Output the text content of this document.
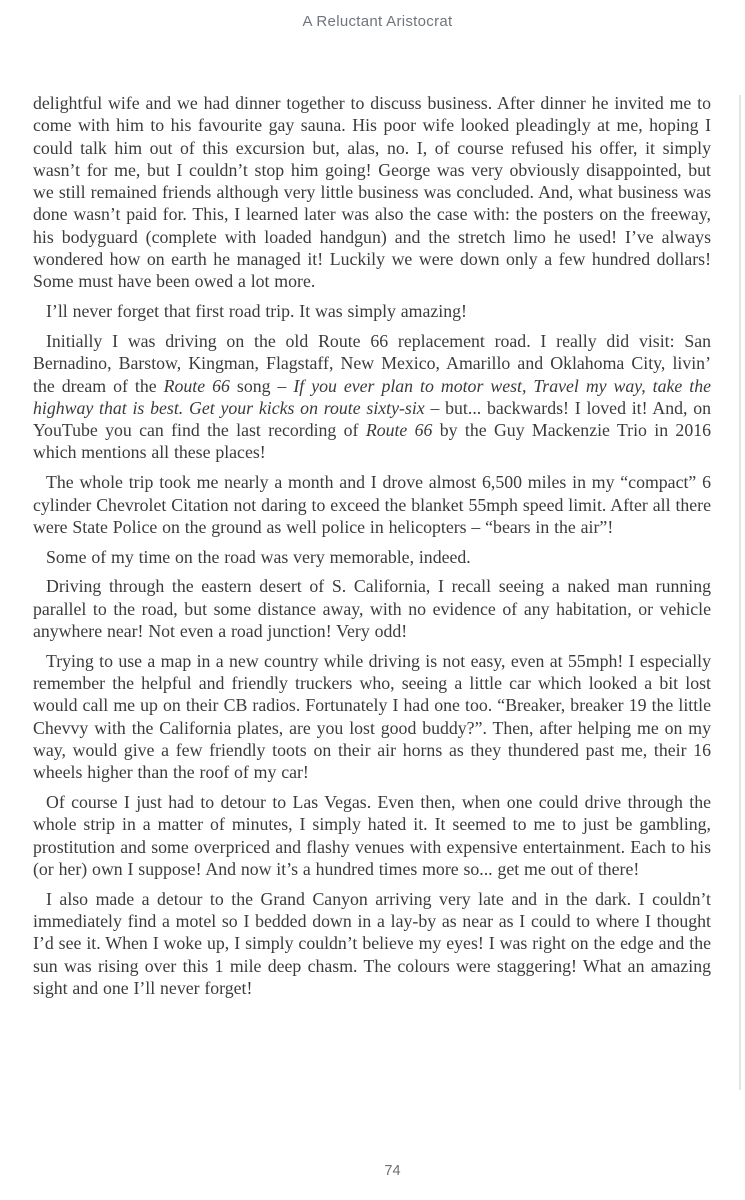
A Reluctant Aristocrat

delightful wife and we had dinner together to discuss business. After dinner he invited me to come with him to his favourite gay sauna. His poor wife looked pleadingly at me, hoping I could talk him out of this excursion but, alas, no. I, of course refused his offer, it simply wasn’t for me, but I couldn’t stop him going! George was very obviously disappointed, but we still remained friends although very little business was concluded. And, what business was done wasn’t paid for. This, I learned later was also the case with: the posters on the freeway, his bodyguard (complete with loaded handgun) and the stretch limo he used! I’ve always wondered how on earth he managed it! Luckily we were down only a few hundred dollars! Some must have been owed a lot more.

I’ll never forget that first road trip. It was simply amazing!

Initially I was driving on the old Route 66 replacement road. I really did visit: San Bernadino, Barstow, Kingman, Flagstaff, New Mexico, Amarillo and Oklahoma City, livin’ the dream of the Route 66 song – If you ever plan to motor west, Travel my way, take the highway that is best. Get your kicks on route sixty-six – but... backwards! I loved it! And, on YouTube you can find the last recording of Route 66 by the Guy Mackenzie Trio in 2016 which mentions all these places!

The whole trip took me nearly a month and I drove almost 6,500 miles in my “compact” 6 cylinder Chevrolet Citation not daring to exceed the blanket 55mph speed limit. After all there were State Police on the ground as well police in helicopters – “bears in the air”!

Some of my time on the road was very memorable, indeed.

Driving through the eastern desert of S. California, I recall seeing a naked man running parallel to the road, but some distance away, with no evidence of any habitation, or vehicle anywhere near! Not even a road junction! Very odd!

Trying to use a map in a new country while driving is not easy, even at 55mph! I especially remember the helpful and friendly truckers who, seeing a little car which looked a bit lost would call me up on their CB radios. Fortunately I had one too. “Breaker, breaker 19 the little Chevvy with the California plates, are you lost good buddy?”. Then, after helping me on my way, would give a few friendly toots on their air horns as they thundered past me, their 16 wheels higher than the roof of my car!

Of course I just had to detour to Las Vegas. Even then, when one could drive through the whole strip in a matter of minutes, I simply hated it. It seemed to me to just be gambling, prostitution and some overpriced and flashy venues with expensive entertainment. Each to his (or her) own I suppose! And now it’s a hundred times more so... get me out of there!

I also made a detour to the Grand Canyon arriving very late and in the dark. I couldn’t immediately find a motel so I bedded down in a lay-by as near as I could to where I thought I’d see it. When I woke up, I simply couldn’t believe my eyes! I was right on the edge and the sun was rising over this 1 mile deep chasm. The colours were staggering! What an amazing sight and one I’ll never forget!

74
